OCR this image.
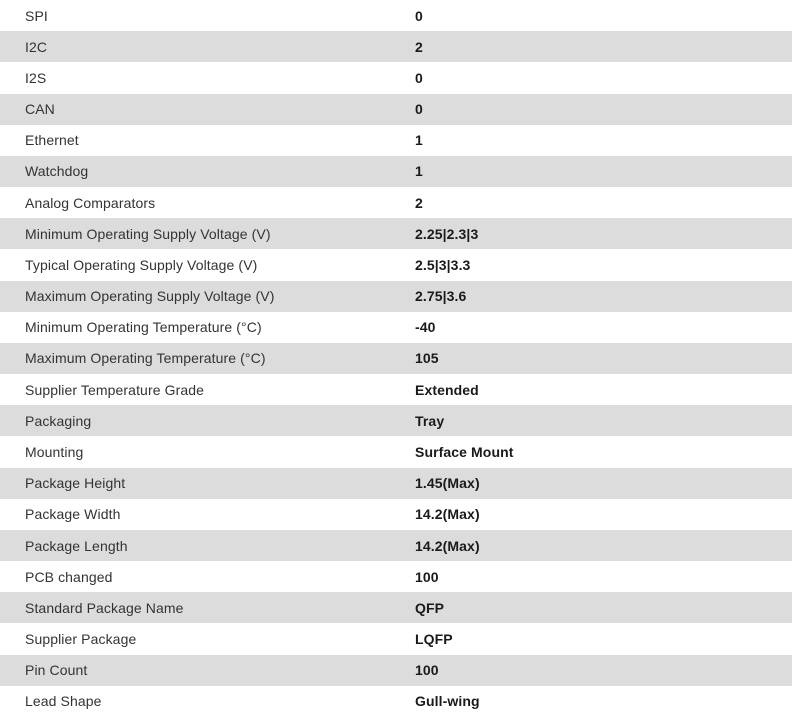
SPI	0
I2C	2
I2S	0
CAN	0
Ethernet	1
Watchdog	1
Analog Comparators	2
Minimum Operating Supply Voltage (V)	2.25|2.3|3
Typical Operating Supply Voltage (V)	2.5|3|3.3
Maximum Operating Supply Voltage (V)	2.75|3.6
Minimum Operating Temperature (°C)	-40
Maximum Operating Temperature (°C)	105
Supplier Temperature Grade	Extended
Packaging	Tray
Mounting	Surface Mount
Package Height	1.45(Max)
Package Width	14.2(Max)
Package Length	14.2(Max)
PCB changed	100
Standard Package Name	QFP
Supplier Package	LQFP
Pin Count	100
Lead Shape	Gull-wing
